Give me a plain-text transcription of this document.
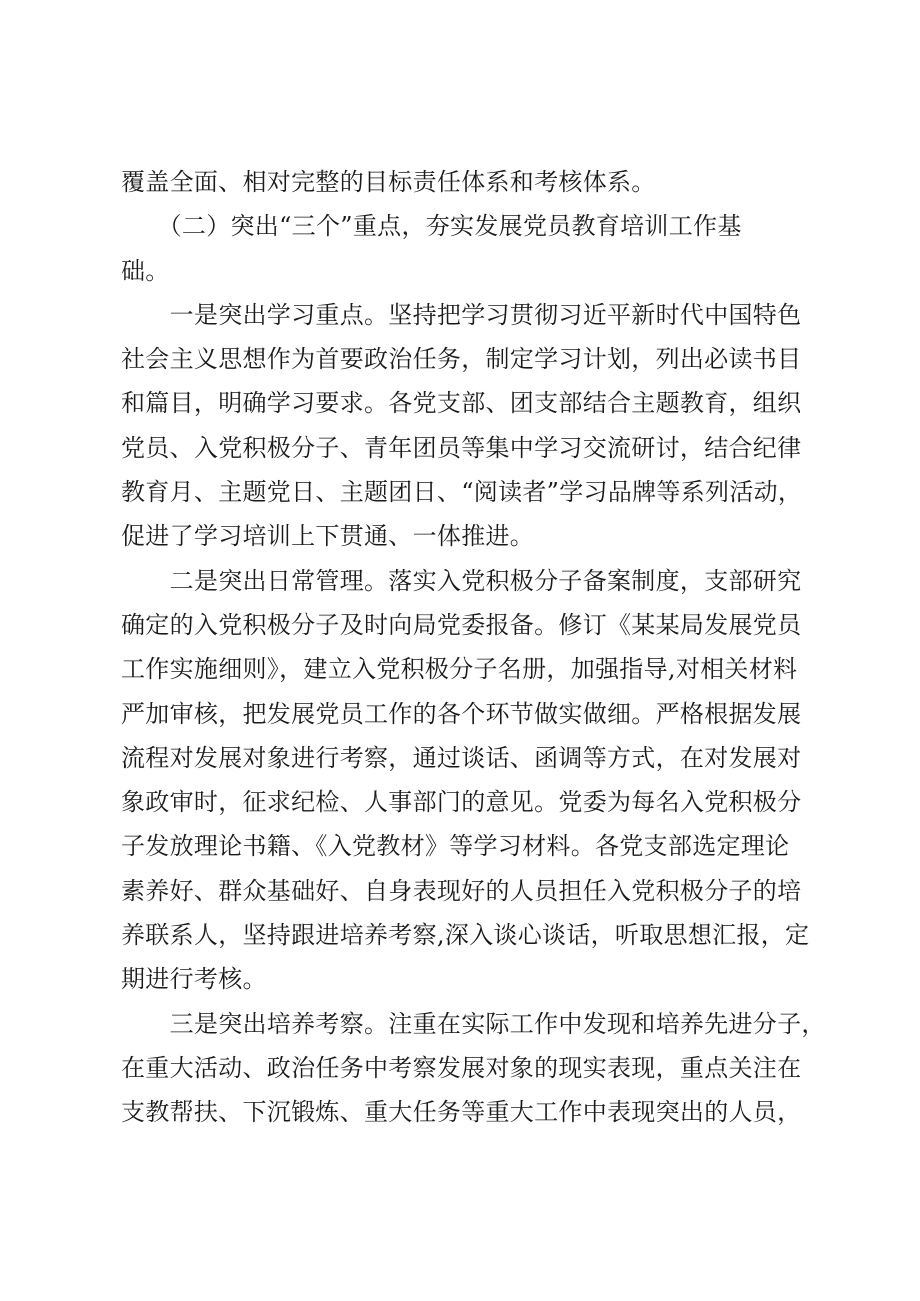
覆盖全面、相对完整的目标责任体系和考核体系。
　　（二）突出“三个”重点，夯实发展党员教育培训工作基
础。
　　一是突出学习重点。坚持把学习贯彻习近平新时代中国特色
社会主义思想作为首要政治任务，制定学习计划，列出必读书目
和篇目，明确学习要求。各党支部、团支部结合主题教育，组织
党员、入党积极分子、青年团员等集中学习交流研讨，结合纪律
教育月、主题党日、主题团日、“阅读者”学习品牌等系列活动，
促进了学习培训上下贯通、一体推进。
　　二是突出日常管理。落实入党积极分子备案制度，支部研究
确定的入党积极分子及时向局党委报备。修订《某某局发展党员
工作实施细则》，建立入党积极分子名册，加强指导,对相关材料
严加审核，把发展党员工作的各个环节做实做细。严格根据发展
流程对发展对象进行考察，通过谈话、函调等方式，在对发展对
象政审时，征求纪检、人事部门的意见。党委为每名入党积极分
子发放理论书籍、《入党教材》等学习材料。各党支部选定理论
素养好、群众基础好、自身表现好的人员担任入党积极分子的培
养联系人，坚持跟进培养考察,深入谈心谈话，听取思想汇报，定
期进行考核。
　　三是突出培养考察。注重在实际工作中发现和培养先进分子，
在重大活动、政治任务中考察发展对象的现实表现，重点关注在
支教帮扶、下沉锻炼、重大任务等重大工作中表现突出的人员，
